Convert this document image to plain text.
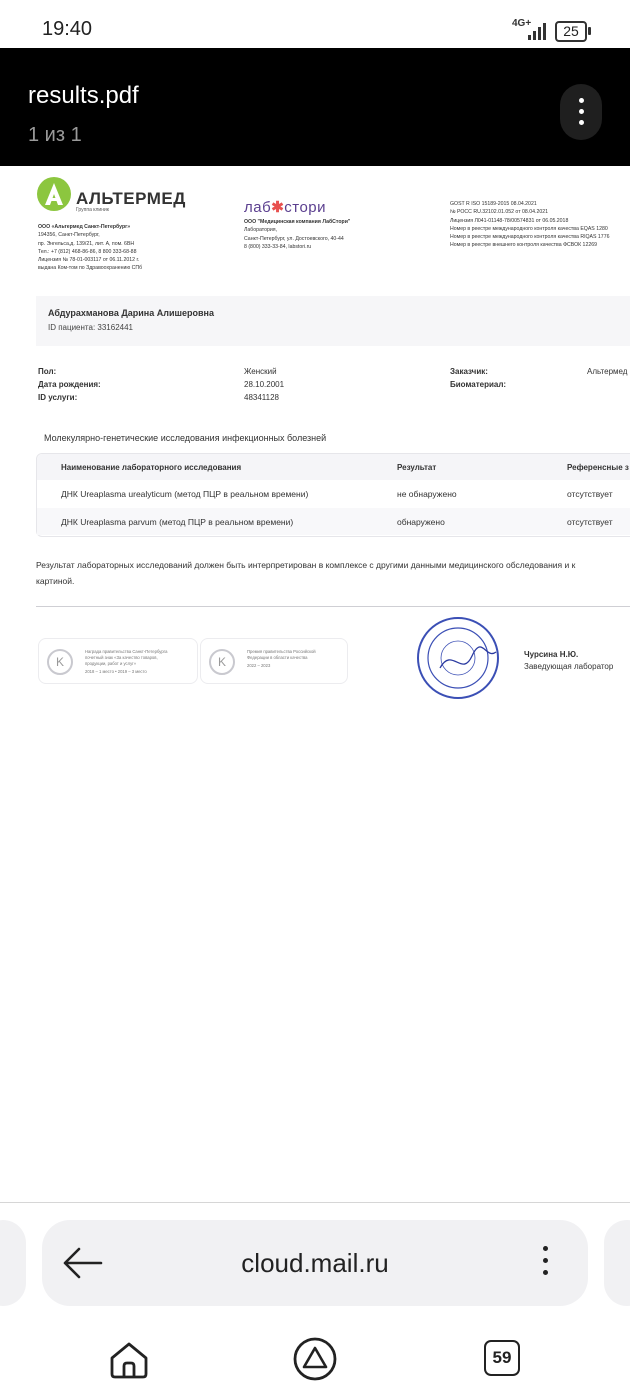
19:40	4G+	25
results.pdf
1 из 1
АЛЬТЕРМЕД
Группа клиник
ООО «Альтермед Санкт-Петербург»
194356, Санкт-Петербург,
пр. Энгельса,д. 139/21, лит. А, пом. 6ВН
Тел.: +7 (812) 468-86-86, 8 800 333-68-88
Лицензия № 78-01-003117 от 06.11.2012 г.
выдана Ком-том по Здравоохранению СПб
лаб✱стори
ООО "Медицинская компания ЛабСтори"
Лаборатория,
Санкт-Петербург, ул. Достоевского, 40-44
8 (800) 333-33-84, labstori.ru
GOST R ISO 15189-2015 08.04.2021
№ РОСС RU.32102.01.052 от 08.04.2021
Лицензия Л041-01148-78/00574831 от 06.05.2018
Номер в реестре международного контроля качества EQAS 1280
Номер в реестре международного контроля качества RIQAS 1776
Номер в реестре внешнего контроля качества ФСВОК 12269
Абдурахманова Дарина Алишеровна
ID пациента: 33162441
Пол:	Женский
Дата рождения:	28.10.2001
ID услуги:	48341128
Заказчик:	Альтермед
Биоматериал:
Молекулярно-генетические исследования инфекционных болезней
Наименование лабораторного исследования	Результат	Референсные з
ДНК Ureaplasma urealyticum (метод ПЦР в реальном времени)	не обнаружено	отсутствует
ДНК Ureaplasma parvum (метод ПЦР в реальном времени)	обнаружено	отсутствует
Результат лабораторных исследований должен быть интерпретирован в комплексе с другими данными медицинского обследования и к
картиной.
K
Награда правительства Санкт-Петербурга
почетный знак «За качество товаров,
продукции, работ и услуг»
2018 – 1 место • 2019 – 3 место
K
Премия правительства Российской
Федерации в области качества
2022 – 2023
Чурсина Н.Ю.
Заведующая лаборатор
cloud.mail.ru
59
